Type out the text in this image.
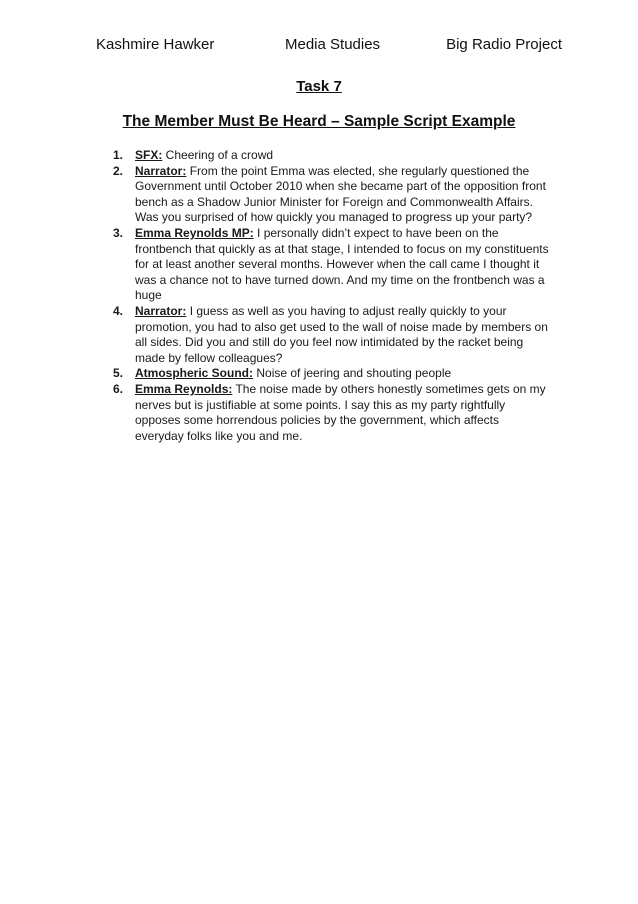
Kashmire Hawker	Media Studies	Big Radio Project
Task 7
The Member Must Be Heard – Sample Script Example
1. SFX: Cheering of a crowd
2. Narrator: From the point Emma was elected, she regularly questioned the Government until October 2010 when she became part of the opposition front bench as a Shadow Junior Minister for Foreign and Commonwealth Affairs. Was you surprised of how quickly you managed to progress up your party?
3. Emma Reynolds MP: I personally didn’t expect to have been on the frontbench that quickly as at that stage, I intended to focus on my constituents for at least another several months. However when the call came I thought it was a chance not to have turned down. And my time on the frontbench was a huge
4. Narrator: I guess as well as you having to adjust really quickly to your promotion, you had to also get used to the wall of noise made by members on all sides. Did you and still do you feel now intimidated by the racket being made by fellow colleagues?
5. Atmospheric Sound: Noise of jeering and shouting people
6. Emma Reynolds: The noise made by others honestly sometimes gets on my nerves but is justifiable at some points. I say this as my party rightfully opposes some horrendous policies by the government, which affects everyday folks like you and me.
